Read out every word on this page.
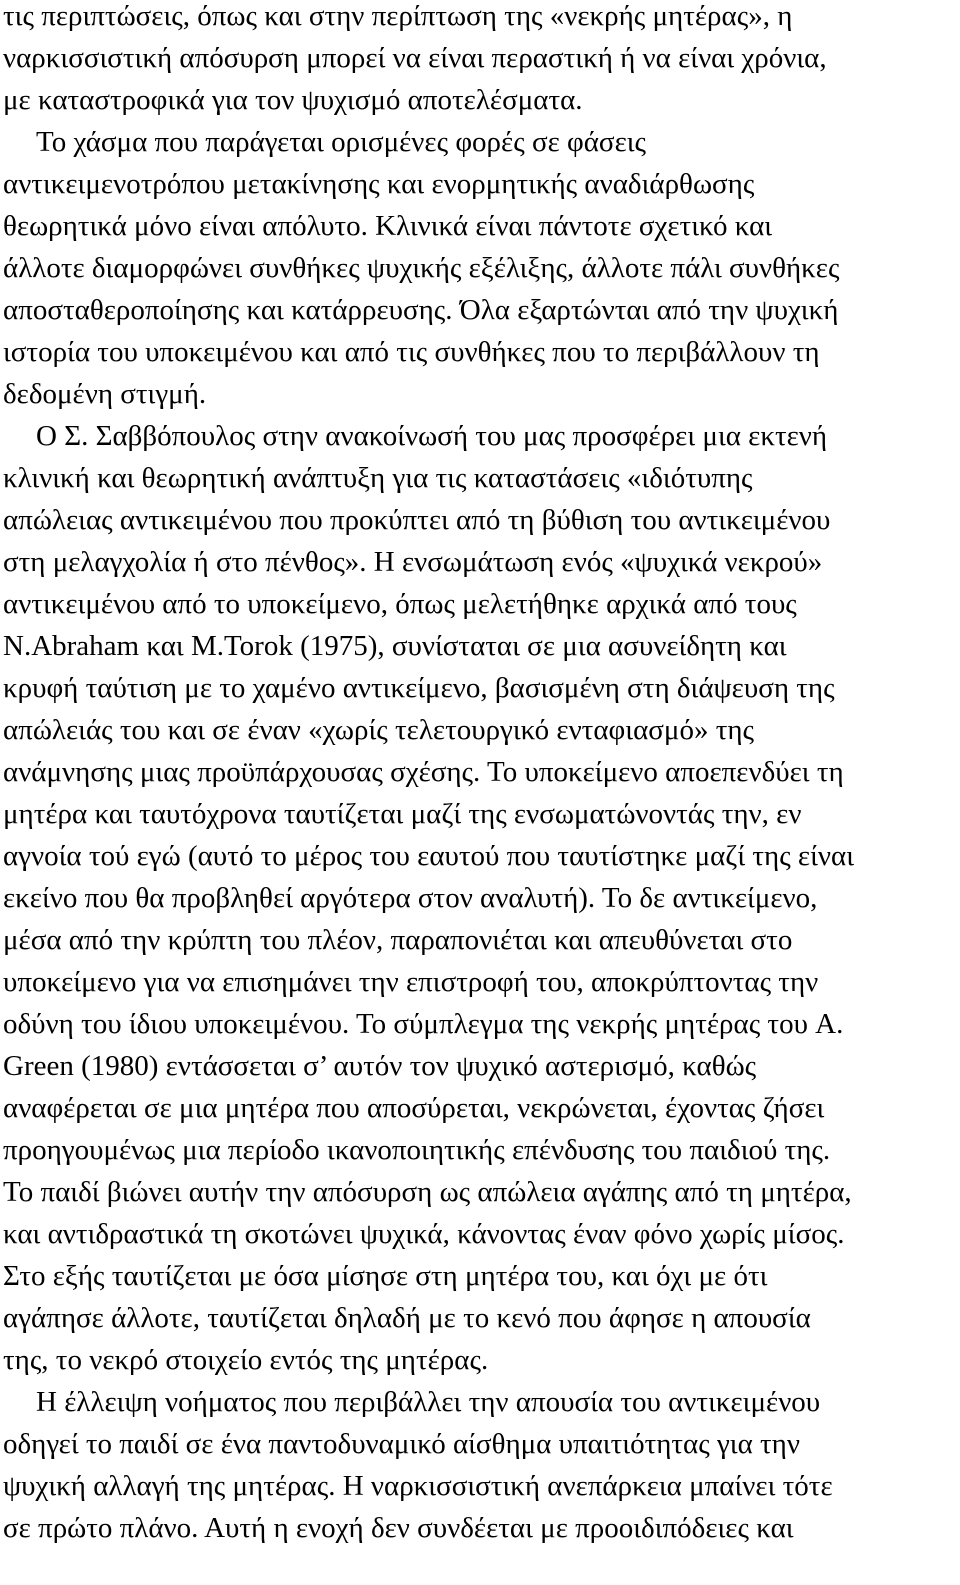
τις περιπτώσεις, όπως και στην περίπτωση της «νεκρής μητέρας», η
ναρκισσιστική απόσυρση μπορεί να είναι περαστική ή να είναι χρόνια,
με καταστροφικά για τον ψυχισμό αποτελέσματα.
Το χάσμα που παράγεται ορισμένες φορές σε φάσεις
αντικειμενοτρόπου μετακίνησης και ενορμητικής αναδιάρθωσης
θεωρητικά μόνο είναι απόλυτο. Κλινικά είναι πάντοτε σχετικό και
άλλοτε διαμορφώνει συνθήκες ψυχικής εξέλιξης, άλλοτε πάλι συνθήκες
αποσταθεροποίησης και κατάρρευσης. Όλα εξαρτώνται από την ψυχική
ιστορία του υποκειμένου και από τις συνθήκες που το περιβάλλουν τη
δεδομένη στιγμή.
Ο Σ. Σαββόπουλος στην ανακοίνωσή του μας προσφέρει μια εκτενή
κλινική και θεωρητική ανάπτυξη για τις καταστάσεις «ιδιότυπης
απώλειας αντικειμένου που προκύπτει από τη βύθιση του αντικειμένου
στη μελαγχολία ή στο πένθος». Η ενσωμάτωση ενός «ψυχικά νεκρού»
αντικειμένου από το υποκείμενο, όπως μελετήθηκε αρχικά από τους
N.Abraham και M.Torok (1975), συνίσταται σε μια ασυνείδητη και
κρυφή ταύτιση με το χαμένο αντικείμενο, βασισμένη στη διάψευση της
απώλειάς του και σε έναν «χωρίς τελετουργικό ενταφιασμό» της
ανάμνησης μιας προϋπάρχουσας σχέσης. Το υποκείμενο αποεπενδύει τη
μητέρα και ταυτόχρονα ταυτίζεται μαζί της ενσωματώνοντάς την, εν
αγνοία τού εγώ (αυτό το μέρος του εαυτού που ταυτίστηκε μαζί της είναι
εκείνο που θα προβληθεί αργότερα στον αναλυτή). Το δε αντικείμενο,
μέσα από την κρύπτη του πλέον, παραπονιέται και απευθύνεται στο
υποκείμενο για να επισημάνει την επιστροφή του, αποκρύπτοντας την
οδύνη του ίδιου υποκειμένου. Το σύμπλεγμα της νεκρής μητέρας του A.
Green (1980) εντάσσεται σ’ αυτόν τον ψυχικό αστερισμό, καθώς
αναφέρεται σε μια μητέρα που αποσύρεται, νεκρώνεται, έχοντας ζήσει
προηγουμένως μια περίοδο ικανοποιητικής επένδυσης του παιδιού της.
Το παιδί βιώνει αυτήν την απόσυρση ως απώλεια αγάπης από τη μητέρα,
και αντιδραστικά τη σκοτώνει ψυχικά, κάνοντας έναν φόνο χωρίς μίσος.
Στο εξής ταυτίζεται με όσα μίσησε στη μητέρα του, και όχι με ότι
αγάπησε άλλοτε, ταυτίζεται δηλαδή με το κενό που άφησε η απουσία
της, το νεκρό στοιχείο εντός της μητέρας.
Η έλλειψη νοήματος που περιβάλλει την απουσία του αντικειμένου
οδηγεί το παιδί σε ένα παντοδυναμικό αίσθημα υπαιτιότητας για την
ψυχική αλλαγή της μητέρας. Η ναρκισσιστική ανεπάρκεια μπαίνει τότε
σε πρώτο πλάνο. Αυτή η ενοχή δεν συνδέεται με προοιδιπόδειες και
